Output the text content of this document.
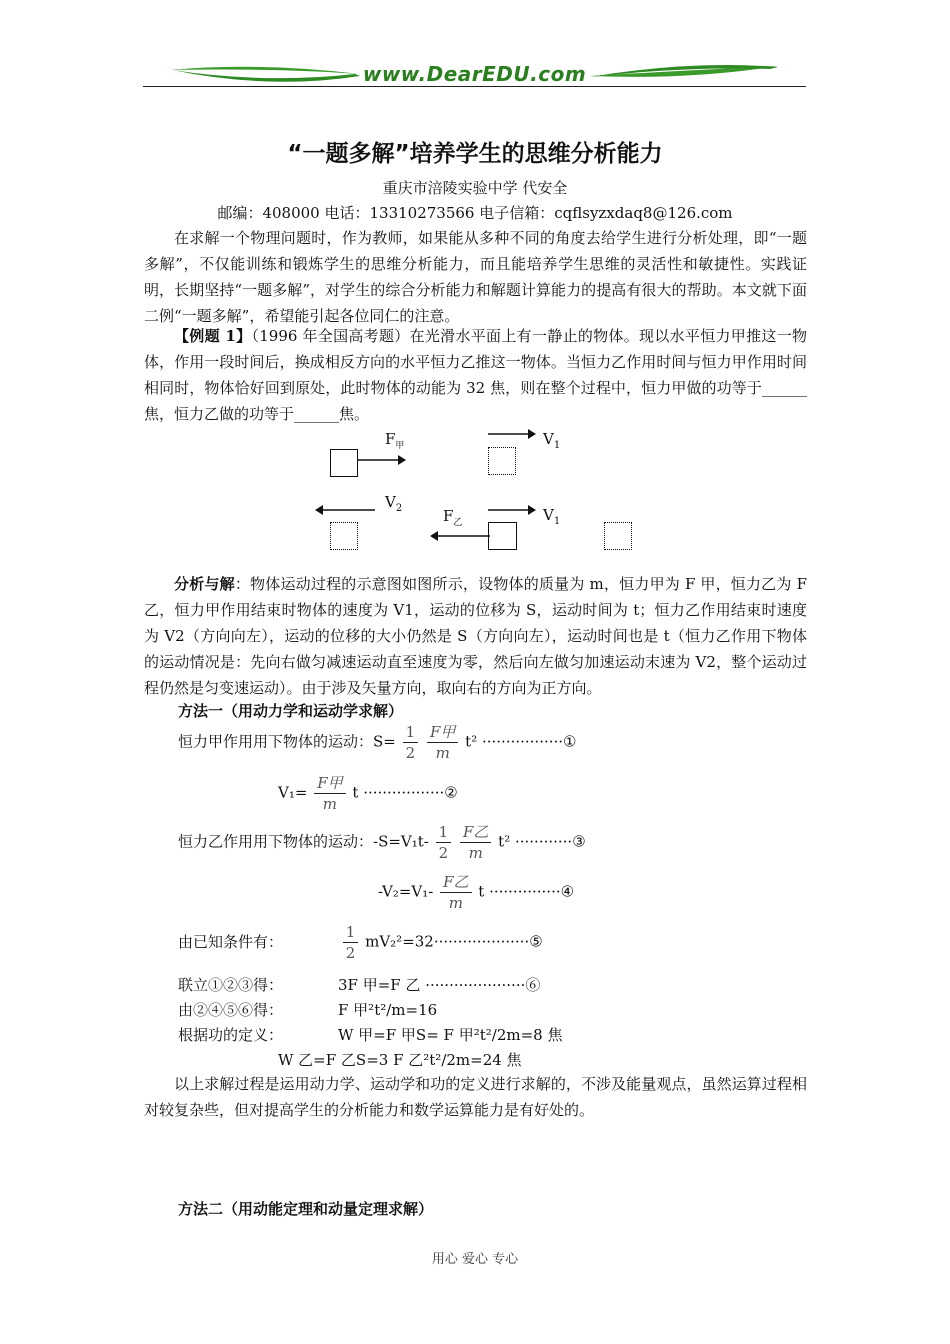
www.DearEDU.com
“一题多解”培养学生的思维分析能力
重庆市涪陵实验中学 代安全
邮编：408000 电话：13310273566 电子信箱：cqflsyzxdaq8@126.com
在求解一个物理问题时，作为教师，如果能从多种不同的角度去给学生进行分析处理，即“一题多解”，不仅能训练和锻炼学生的思维分析能力，而且能培养学生思维的灵活性和敏捷性。实践证明，长期坚持“一题多解”，对学生的综合分析能力和解题计算能力的提高有很大的帮助。本文就下面二例“一题多解”，希望能引起各位同仁的注意。
【例题 1】（1996 年全国高考题）在光滑水平面上有一静止的物体。现以水平恒力甲推这一物体，作用一段时间后，换成相反方向的水平恒力乙推这一物体。当恒力乙作用时间与恒力甲作用时间相同时，物体恰好回到原处，此时物体的动能为 32 焦，则在整个过程中，恒力甲做的功等于______焦，恒力乙做的功等于______焦。
$F_甲$	$V_1$
$V_2$	$F_乙$	$V_1$
分析与解：物体运动过程的示意图如图所示，设物体的质量为 m，恒力甲为 F 甲，恒力乙为 F 乙，恒力甲作用结束时物体的速度为 V1，运动的位移为 S，运动时间为 t；恒力乙作用结束时速度为 V2（方向向左），运动的位移的大小仍然是 S（方向向左），运动时间也是 t（恒力乙作用下物体的运动情况是：先向右做匀减速运动直至速度为零，然后向左做匀加速运动末速为 V2，整个运动过程仍然是匀变速运动）。由于涉及矢量方向，取向右的方向为正方向。
方法一（用动力学和运动学求解）
恒力甲作用用下物体的运动：$S= \frac{1}{2}$
$\frac{\text{F甲}}{m} t^2$ ·················①
$V_1= \frac{\text{F甲}}{m}$ t ·················②
恒力乙作用用下物体的运动：$-S=V_1t- \frac{1}{2}$
$\frac{\text{F乙}}{m} t^2$ ············③
$-V_2=V_1- \frac{\text{F乙}}{m}$ t ···············④
由已知条件有：	$\frac{1}{2}$ mV₂²=32····················⑤
联立①②③得：	3F 甲=F 乙 ·····················⑥
由②④⑤⑥得：	F 甲²t²/m=16
根据功的定义：	W 甲=F 甲S= F 甲²t²/2m=8 焦
W 乙=F 乙S=3 F 乙²t²/2m=24 焦
以上求解过程是运用动力学、运动学和功的定义进行求解的，不涉及能量观点，虽然运算过程相对较复杂些，但对提高学生的分析能力和数学运算能力是有好处的。
方法二（用动能定理和动量定理求解）
用心 爱心 专心
